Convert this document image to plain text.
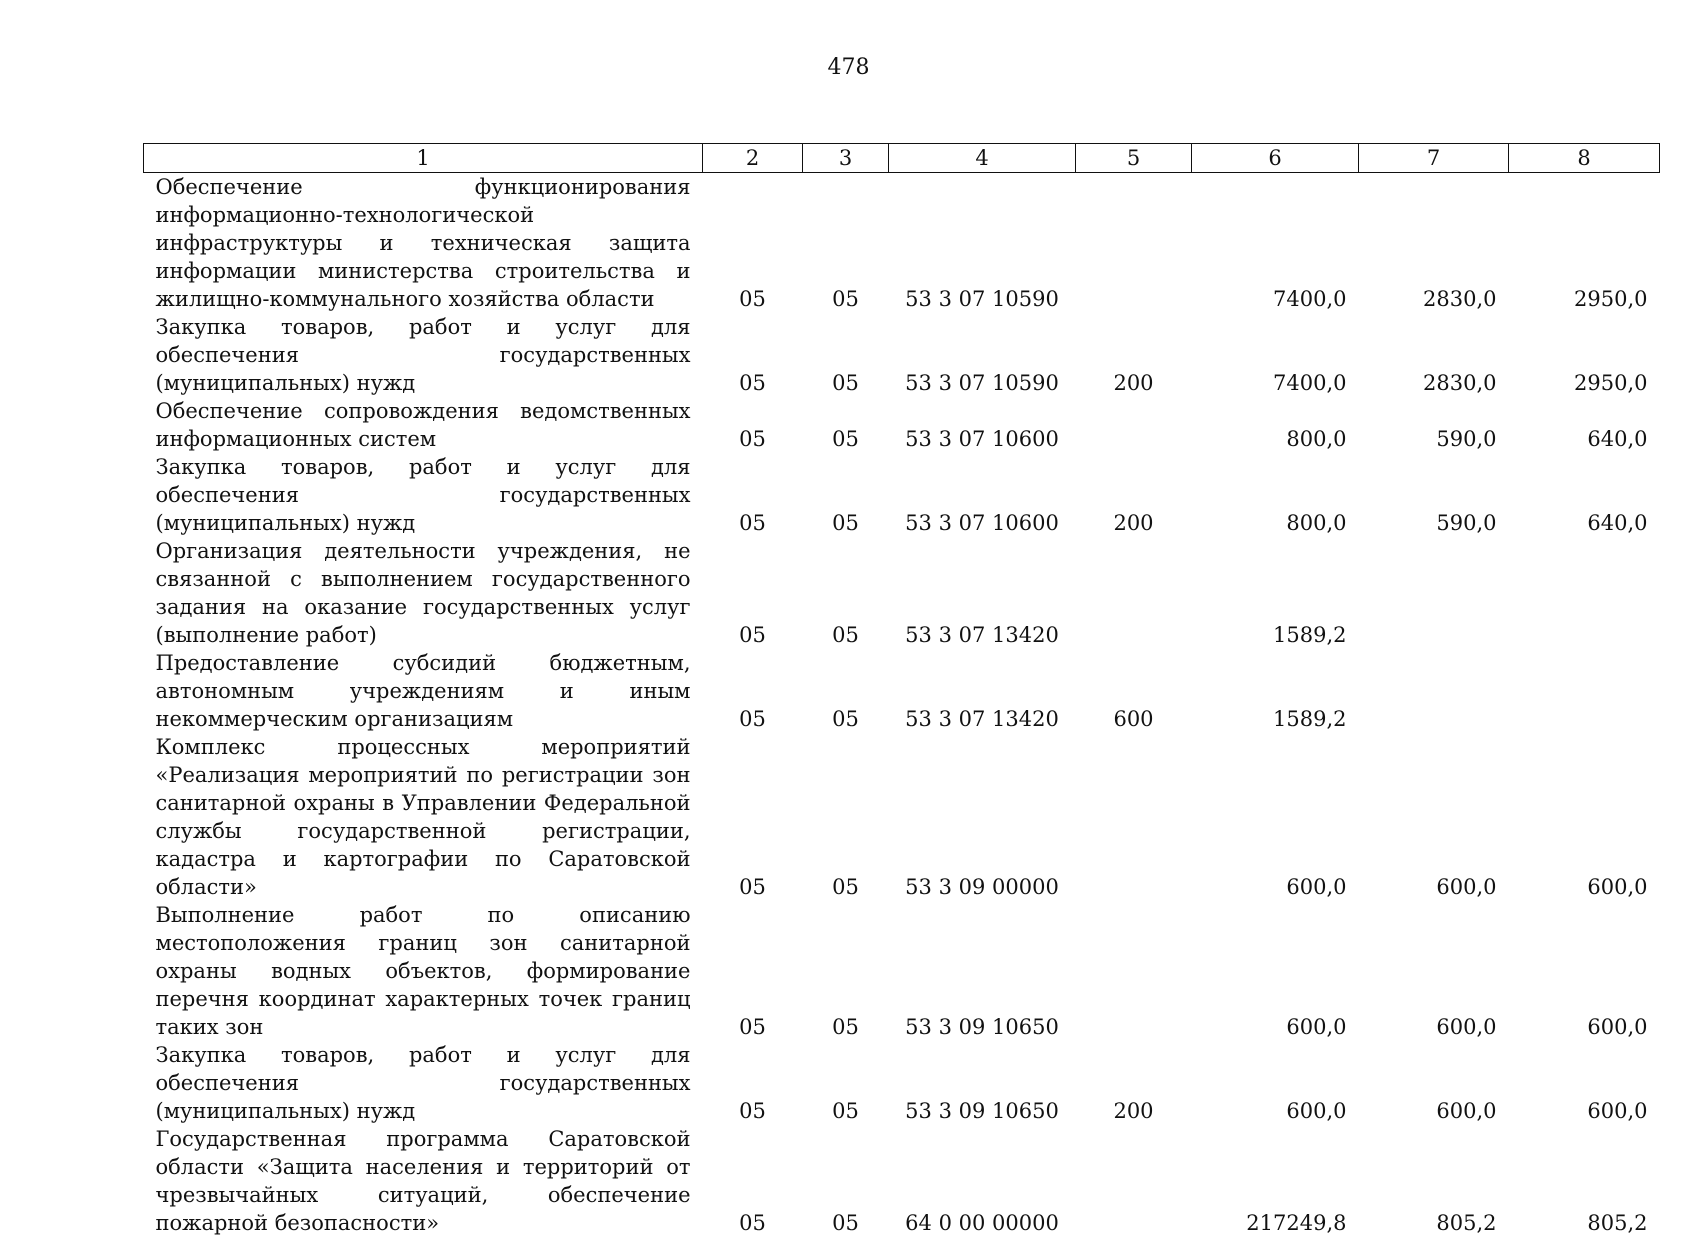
478
1	2	3	4	5	6	7	8
Обеспечение функционирования информационно-технологической инфраструктуры и техническая защита информации министерства строительства и жилищно-коммунального хозяйства области	05	05	53 3 07 10590		7400,0	2830,0	2950,0
Закупка товаров, работ и услуг для обеспечения государственных (муниципальных) нужд	05	05	53 3 07 10590	200	7400,0	2830,0	2950,0
Обеспечение сопровождения ведомственных информационных систем	05	05	53 3 07 10600		800,0	590,0	640,0
Закупка товаров, работ и услуг для обеспечения государственных (муниципальных) нужд	05	05	53 3 07 10600	200	800,0	590,0	640,0
Организация деятельности учреждения, не связанной с выполнением государственного задания на оказание государственных услуг (выполнение работ)	05	05	53 3 07 13420		1589,2		
Предоставление субсидий бюджетным, автономным учреждениям и иным некоммерческим организациям	05	05	53 3 07 13420	600	1589,2		
Комплекс процессных мероприятий «Реализация мероприятий по регистрации зон санитарной охраны в Управлении Федеральной службы государственной регистрации, кадастра и картографии по Саратовской области»	05	05	53 3 09 00000		600,0	600,0	600,0
Выполнение работ по описанию местоположения границ зон санитарной охраны водных объектов, формирование перечня координат характерных точек границ таких зон	05	05	53 3 09 10650		600,0	600,0	600,0
Закупка товаров, работ и услуг для обеспечения государственных (муниципальных) нужд	05	05	53 3 09 10650	200	600,0	600,0	600,0
Государственная программа Саратовской области «Защита населения и территорий от чрезвычайных ситуаций, обеспечение пожарной безопасности»	05	05	64 0 00 00000		217249,8	805,2	805,2
